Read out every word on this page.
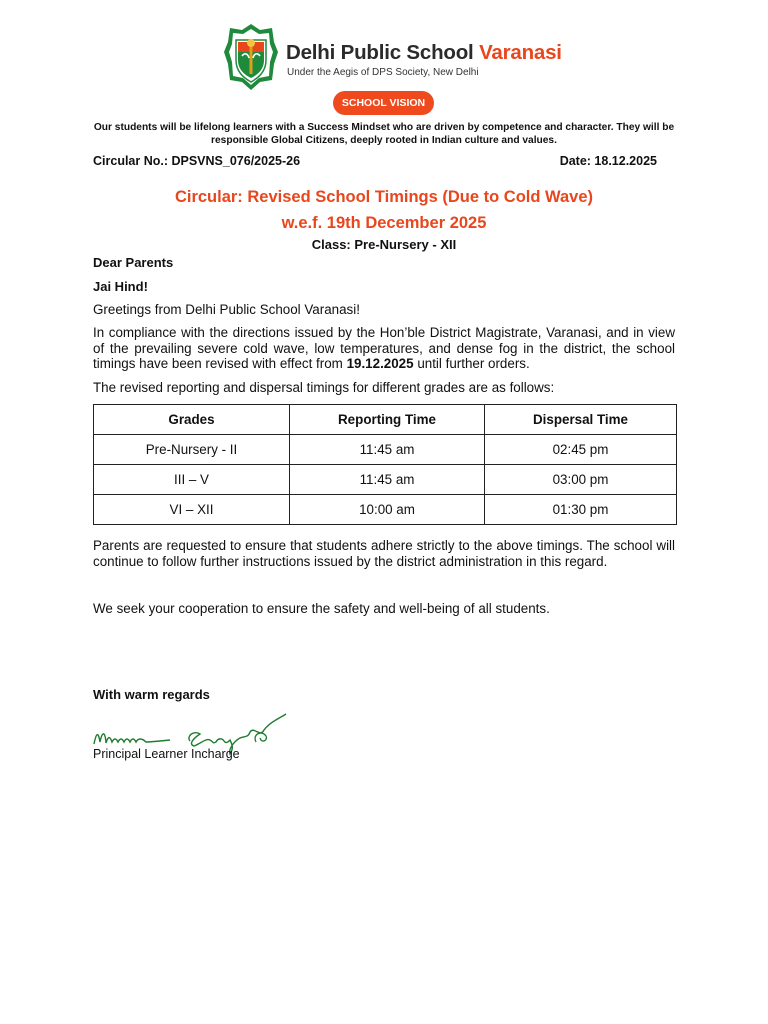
Delhi Public School Varanasi
Under the Aegis of DPS Society, New Delhi
SCHOOL VISION
Our students will be lifelong learners with a Success Mindset who are driven by competence and character. They will be responsible Global Citizens, deeply rooted in Indian culture and values.
Circular No.: DPSVNS_076/2025-26	Date: 18.12.2025
Circular: Revised School Timings (Due to Cold Wave)
w.e.f. 19th December 2025
Class: Pre-Nursery - XII
Dear Parents
Jai Hind!
Greetings from Delhi Public School Varanasi!
In compliance with the directions issued by the Hon’ble District Magistrate, Varanasi, and in view of the prevailing severe cold wave, low temperatures, and dense fog in the district, the school timings have been revised with effect from 19.12.2025 until further orders.
The revised reporting and dispersal timings for different grades are as follows:
Grades	Reporting Time	Dispersal Time
Pre-Nursery - II	11:45 am	02:45 pm
III – V	11:45 am	03:00 pm
VI – XII	10:00 am	01:30 pm
Parents are requested to ensure that students adhere strictly to the above timings. The school will continue to follow further instructions issued by the district administration in this regard.
We seek your cooperation to ensure the safety and well-being of all students.
With warm regards
Principal Learner Incharge
